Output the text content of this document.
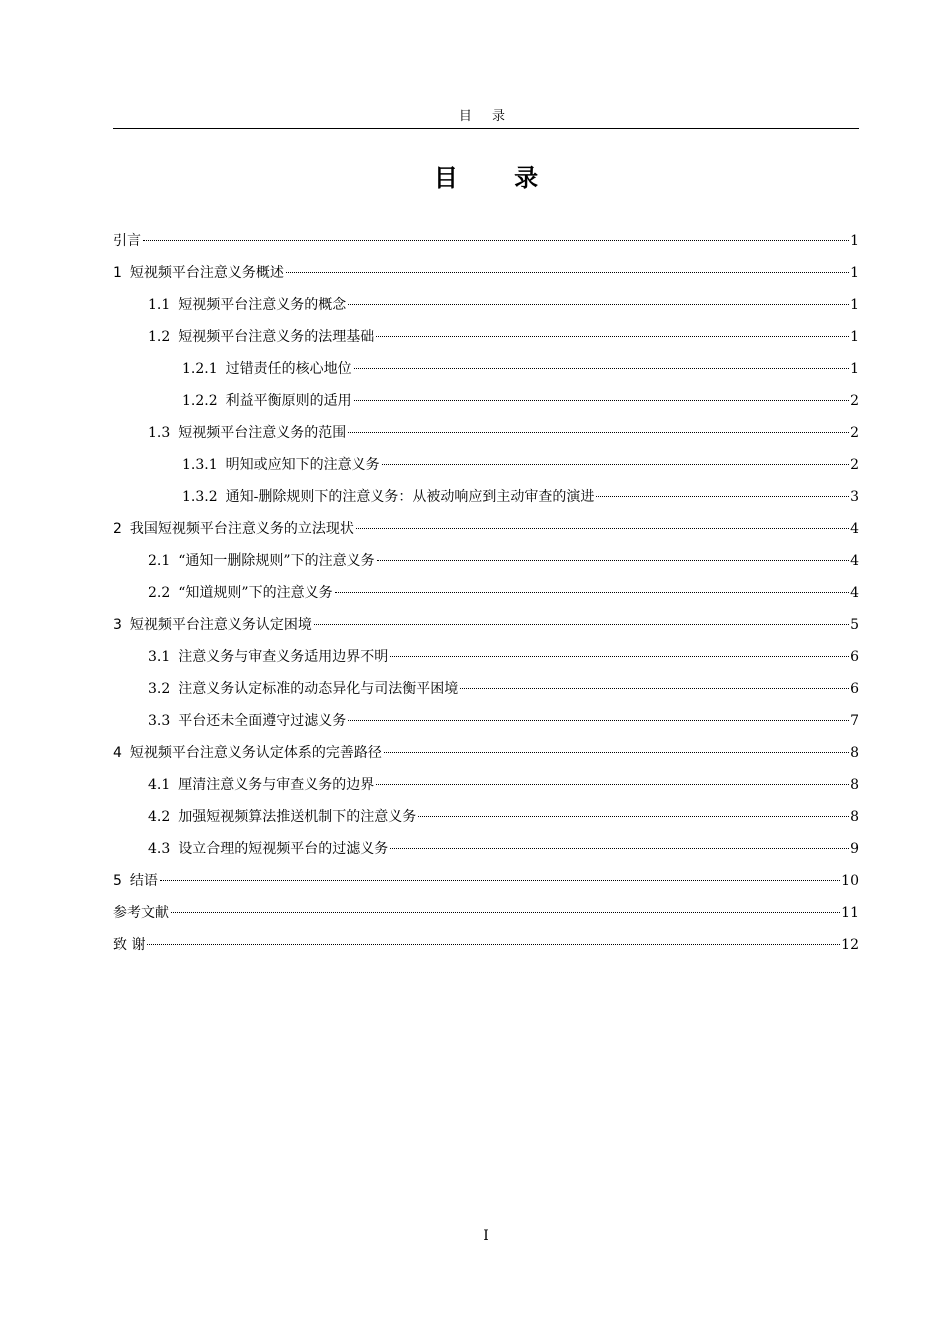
目 录
目 录
引言	1
1 短视频平台注意义务概述	1
1.1 短视频平台注意义务的概念	1
1.2 短视频平台注意义务的法理基础	1
1.2.1 过错责任的核心地位	1
1.2.2 利益平衡原则的适用	2
1.3 短视频平台注意义务的范围	2
1.3.1 明知或应知下的注意义务	2
1.3.2 通知-删除规则下的注意义务：从被动响应到主动审查的演进	3
2 我国短视频平台注意义务的立法现状	4
2.1 “通知一删除规则”下的注意义务	4
2.2 “知道规则”下的注意义务	4
3 短视频平台注意义务认定困境	5
3.1 注意义务与审查义务适用边界不明	6
3.2 注意义务认定标准的动态异化与司法衡平困境	6
3.3 平台还未全面遵守过滤义务	7
4 短视频平台注意义务认定体系的完善路径	8
4.1 厘清注意义务与审查义务的边界	8
4.2 加强短视频算法推送机制下的注意义务	8
4.3 设立合理的短视频平台的过滤义务	9
5 结语	10
参考文献	11
致 谢	12
I
